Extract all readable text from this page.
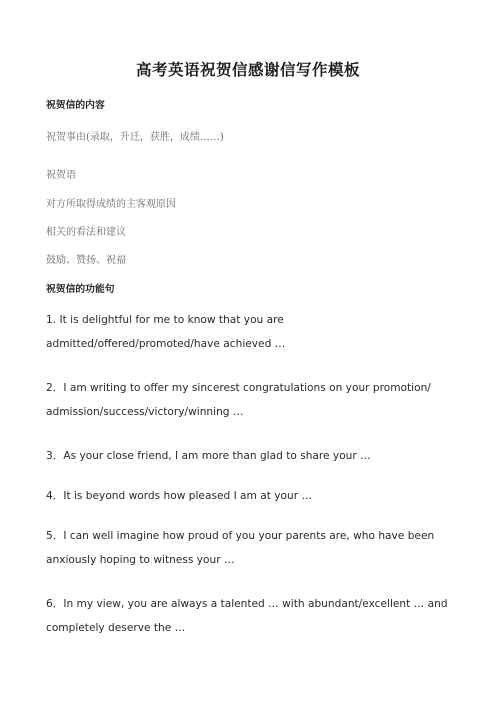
高考英语祝贺信感谢信写作模板
祝贺信的内容
祝贺事由(录取，升迁，获胜，成绩……)
祝贺语
对方所取得成绩的主客观原因
相关的看法和建议
鼓励、赞扬、祝福
祝贺信的功能句
1. It is delightful for me to know that you are admitted/offered/promoted/have achieved …
2．I am writing to offer my sincerest congratulations on your promotion/ admission/success/victory/winning …
3．As your close friend, I am more than glad to share your …
4．It is beyond words how pleased I am at your …
5．I can well imagine how proud of you your parents are, who have been anxiously hoping to witness your …
6．In my view, you are always a talented … with abundant/excellent … and completely deserve the …
